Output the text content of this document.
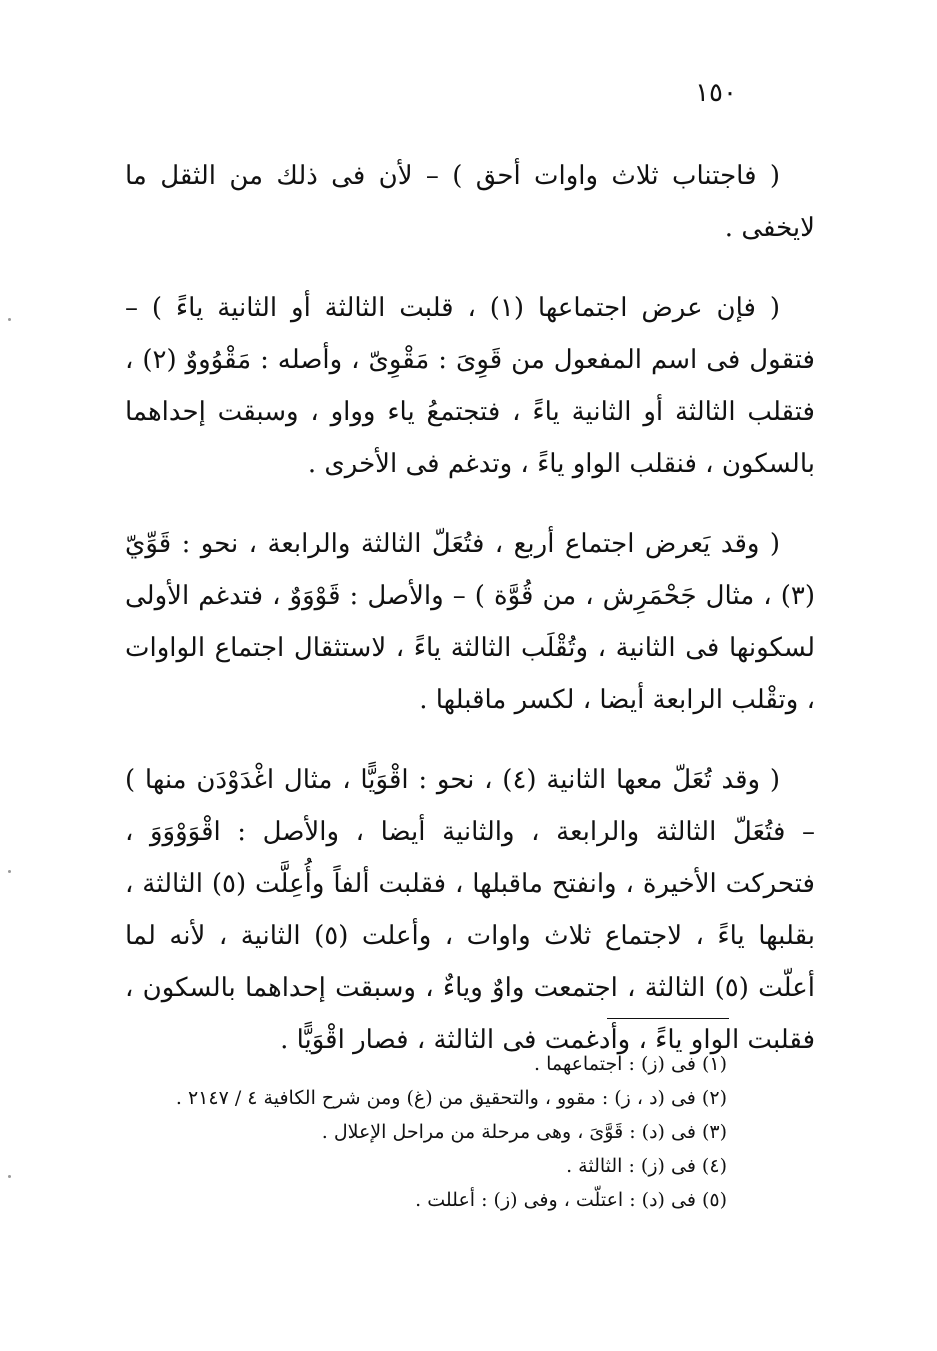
١٥٠

( فاجتناب ثلاث واوات أحق ) – لأن فى ذلك من الثقل ما لايخفى .

( فإن عرض اجتماعها (١) ، قلبت الثالثة أو الثانية ياءً ) – فتقول فى اسم المفعول من قَوِىَ : مَقْوِىّ ، وأصله : مَقْوُووٌ (٢) ، فتقلب الثالثة أو الثانية ياءً ، فتجتمعُ ياء وواو ، وسبقت إحداهما بالسكون ، فنقلب الواو ياءً ، وتدغم فى الأخرى .

( وقد يَعرض اجتماع أربع ، فتُعَلّ الثالثة والرابعة ، نحو : قَوِّيّ (٣) ، مثال جَحْمَرِش ، من قُوَّة ) – والأصل : قَوْوَوٌ ، فتدغم الأولى لسكونها فى الثانية ، وتُقْلَب الثالثة ياءً ، لاستثقال اجتماع الواوات ، وتقْلب الرابعة أيضا ، لكسر ماقبلها .

( وقد تُعَلّ معها الثانية (٤) ، نحو : اقْوَيًّا ، مثال اغْدَوْدَن منها ) – فتُعَلّ الثالثة والرابعة ، والثانية أيضا ، والأصل : اقْوَوْوَوَ ، فتحركت الأخيرة ، وانفتح ماقبلها ، فقلبت ألفاً وأُعِلَّت (٥) الثالثة ، بقلبها ياءً ، لاجتماع ثلاث واوات ، وأعلت (٥) الثانية ، لأنه لما أعلّت (٥) الثالثة ، اجتمعت واوٌ وياءٌ ، وسبقت إحداهما بالسكون ، فقلبت الواو ياءً ، وأدغمت فى الثالثة ، فصار اقْوَيًّا .

(١) فى (ز) : اجتماعهما .
(٢) فى (د ، ز) : مقوو ، والتحقيق من (غ) ومن شرح الكافية ٤ / ٢١٤٧ .
(٣) فى (د) : قَوَّىَ ، وهى مرحلة من مراحل الإعلال .
(٤) فى (ز) : الثالثة .
(٥) فى (د) : اعتلّت ، وفى (ز) : أعللت .
